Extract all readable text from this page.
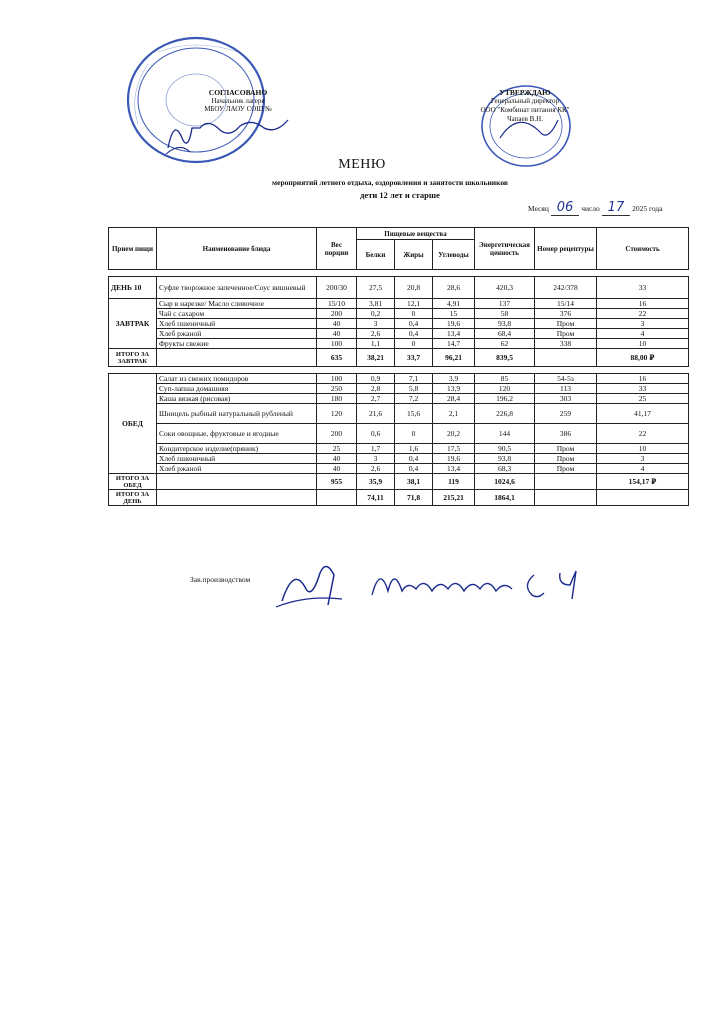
СОГЛАСОВАНО
Начальник лагеря
МБОУ ЛАОУ СОШ №
УТВЕРЖДАЮ
Генеральный директор
ООО "Комбинат питания КК"
Чапаев В.Н.
МЕНЮ
мероприятий летнего отдыха, оздоровления и занятости школьников
дети 12 лет и старше
Месяц 06 число 17 2025 года
Прием пищи	Наименование блюда	Вес порции	Пищевые вещества			Энергетическая ценность	Номер рецептуры	Стоимость
			Белки	Жиры	Углеводы			

ДЕНЬ 10	Суфле творожное запеченное/Соус вишневый	200/30	27,5	20,8	28,6	420,3	242/378	33
ЗАВТРАК	Сыр в нарезке/ Масло сливочное	15/10	3,81	12,1	4,91	137	15/14	16
	Чай с сахаром	200	0,2	0	15	58	376	22
	Хлеб пшеничный	40	3	0,4	19,6	93,8	Пром	3
	Хлеб ржаной	40	2,6	0,4	13,4	68,4	Пром	4
	Фрукты свежие	100	1,1	0	14,7	62	338	10
ИТОГО ЗА ЗАВТРАК		635	38,21	33,7	96,21	839,5		88,00 ₽

ОБЕД	Салат из свежих помидоров	100	0,9	7,1	3,9	85	54-5з	16
	Суп-лапша домашняя	250	2,8	5,8	13,9	120	113	33
	Каша вязкая (рисовая)	180	2,7	7,2	28,4	196,2	303	25
	Шницель рыбный натуральный рубленый	120	21,6	15,6	2,1	226,8	259	41,17
	Соки овощные, фруктовые и ягодные	200	0,6	0	20,2	144	386	22
	Кондитерское изделие(пряник)	25	1,7	1,6	17,5	90,5	Пром	10
	Хлеб пшеничный	40	3	0,4	19,6	93,8	Пром	3
	Хлеб ржаной	40	2,6	0,4	13,4	68,3	Пром	4
ИТОГО ЗА ОБЕД		955	35,9	38,1	119	1024,6		154,17 ₽
ИТОГО ЗА ДЕНЬ			74,11	71,8	215,21	1864,1		
Зав.производством
